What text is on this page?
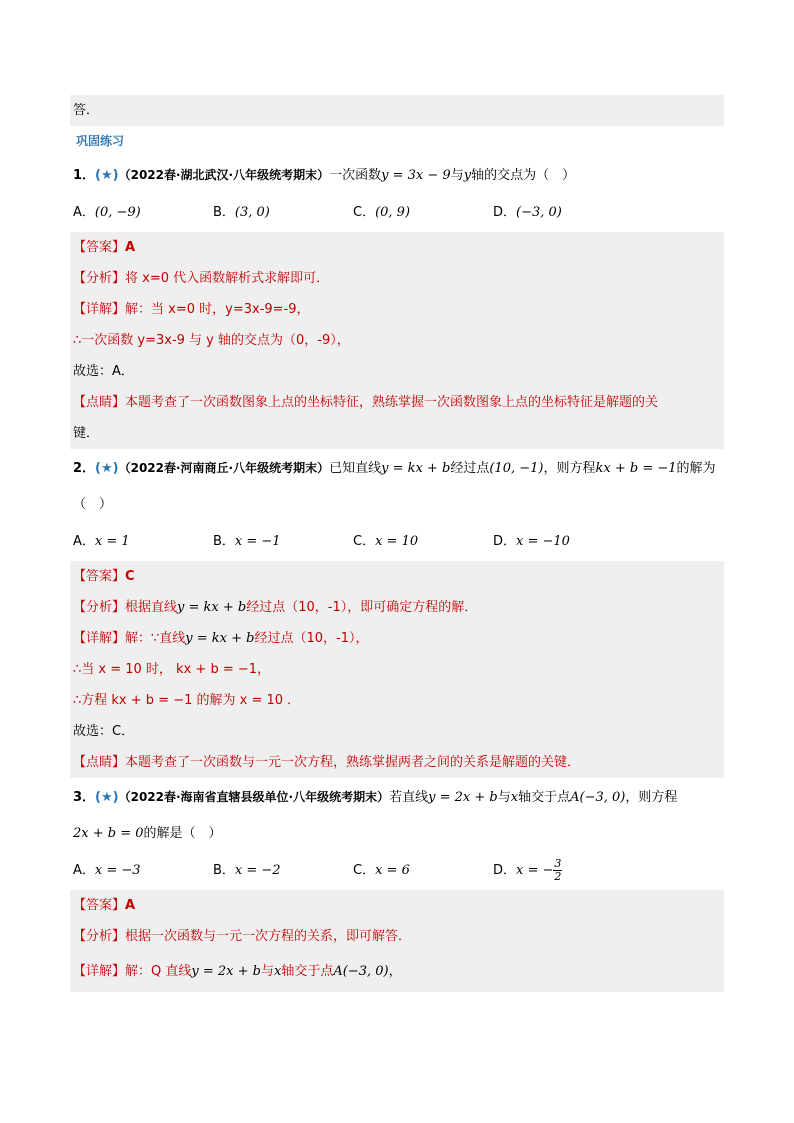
答．
巩固练习
1．(★)（2022春·湖北武汉·八年级统考期末）一次函数y = 3x − 9与y轴的交点为（　）
A．(0, −9)	B．(3, 0)	C．(0, 9)	D．(−3, 0)
【答案】A
【分析】将 x=0 代入函数解析式求解即可．
【详解】解：当 x=0 时，y=3x-9=-9，
∴一次函数 y=3x-9 与 y 轴的交点为（0，-9），
故选：A．
【点睛】本题考查了一次函数图象上点的坐标特征，熟练掌握一次函数图象上点的坐标特征是解题的关
键．
2．(★)（2022春·河南商丘·八年级统考期末）已知直线y = kx + b经过点(10, −1)，则方程kx + b = −1的解为
（　）
A．x = 1	B．x = −1	C．x = 10	D．x = −10
【答案】C
【分析】根据直线y = kx + b经过点（10，-1），即可确定方程的解．
【详解】解：∵直线y = kx + b经过点（10，-1），
∴当 x = 10 时， kx + b = −1，
∴方程 kx + b = −1 的解为 x = 10 ．
故选：C．
【点睛】本题考查了一次函数与一元一次方程，熟练掌握两者之间的关系是解题的关键．
3．(★)（2022春·海南省直辖县级单位·八年级统考期末）若直线y = 2x + b与x轴交于点A(−3, 0)，则方程
2x + b = 0的解是（　）
A．x = −3	B．x = −2	C．x = 6	D．x = − $\frac{3}{2}$
【答案】A
【分析】根据一次函数与一元一次方程的关系，即可解答．
【详解】解：Q 直线y = 2x + b与x轴交于点A(−3, 0)，
